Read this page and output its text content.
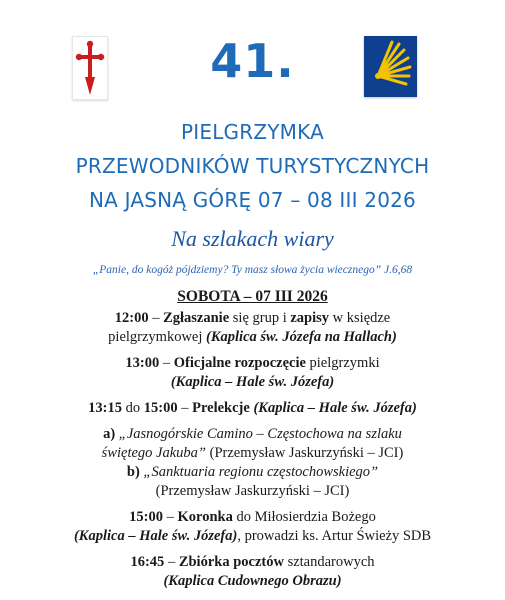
41.
PIELGRZYMKA
PRZEWODNIKÓW TURYSTYCZNYCH
NA JASNĄ GÓRĘ 07 – 08 III 2026
Na szlakach wiary
„Panie, do kogóż pójdziemy? Ty masz słowa życia wiecznego” J.6,68
SOBOTA – 07 III 2026

12:00 – Zgłaszanie się grup i zapisy w księdze

pielgrzymkowej (Kaplica św. Józefa na Hallach)

13:00 – Oficjalne rozpoczęcie pielgrzymki

(Kaplica – Hale św. Józefa)

13:15 do 15:00 – Prelekcje (Kaplica – Hale św. Józefa)

a) „Jasnogórskie Camino – Częstochowa na szlaku

świętego Jakuba” (Przemysław Jaskurzyński – JCI)

b) „Sanktuaria regionu częstochowskiego”

(Przemysław Jaskurzyński – JCI)

15:00 – Koronka do Miłosierdzia Bożego

(Kaplica – Hale św. Józefa), prowadzi ks. Artur Świeży SDB

16:45 – Zbiórka pocztów sztandarowych

(Kaplica Cudownego Obrazu)
